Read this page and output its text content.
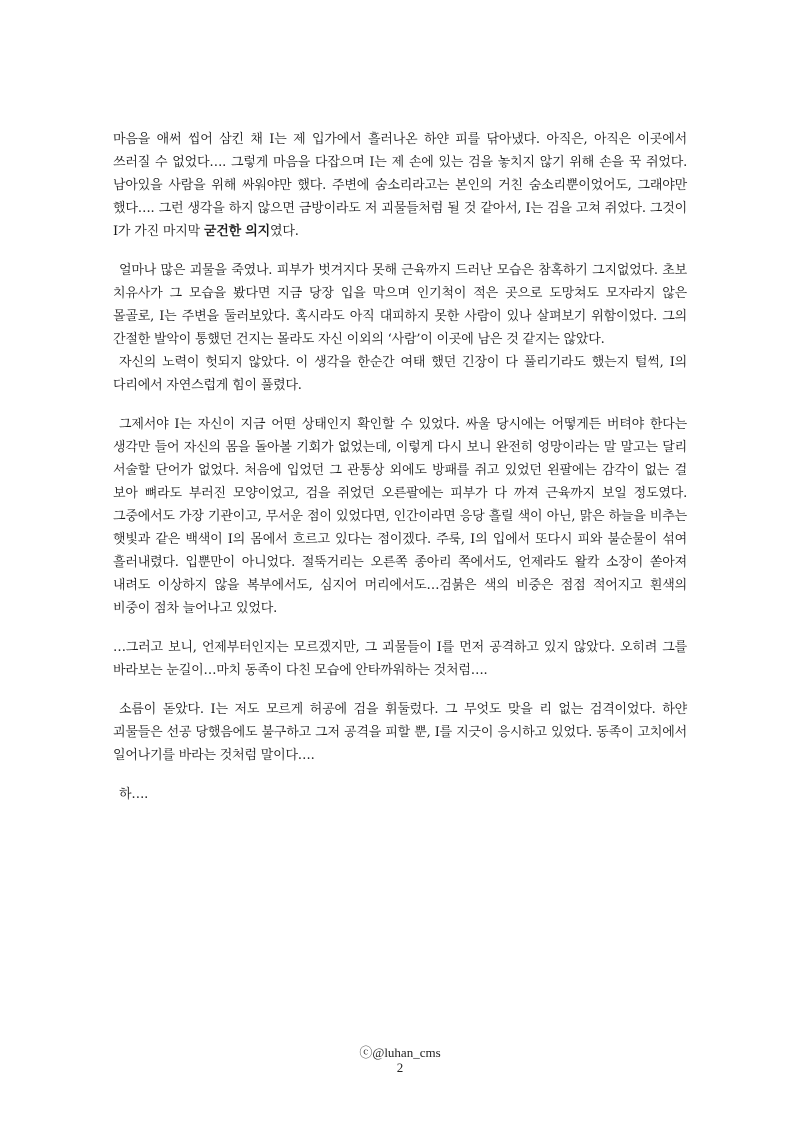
마음을 애써 씹어 삼킨 채 I는 제 입가에서 흘러나온 하얀 피를 닦아냈다. 아직은, 아직은 이곳에서 쓰러질 수 없었다…. 그렇게 마음을 다잡으며 I는 제 손에 있는 검을 놓치지 않기 위해 손을 꾹 쥐었다. 남아있을 사람을 위해 싸워야만 했다. 주변에 숨소리라고는 본인의 거친 숨소리뿐이었어도, 그래야만 했다…. 그런 생각을 하지 않으면 금방이라도 저 괴물들처럼 될 것 같아서, I는 검을 고쳐 쥐었다. 그것이 I가 가진 마지막 굳건한 의지였다.

얼마나 많은 괴물을 죽였나. 피부가 벗겨지다 못해 근육까지 드러난 모습은 참혹하기 그지없었다. 초보 치유사가 그 모습을 봤다면 지금 당장 입을 막으며 인기척이 적은 곳으로 도망쳐도 모자라지 않은 몰골로, I는 주변을 둘러보았다. 혹시라도 아직 대피하지 못한 사람이 있나 살펴보기 위함이었다. 그의 간절한 발악이 통했던 건지는 몰라도 자신 이외의 ‘사람’이 이곳에 남은 것 같지는 않았다.

자신의 노력이 헛되지 않았다. 이 생각을 한순간 여태 했던 긴장이 다 풀리기라도 했는지 털썩, I의 다리에서 자연스럽게 힘이 풀렸다.

그제서야 I는 자신이 지금 어떤 상태인지 확인할 수 있었다. 싸울 당시에는 어떻게든 버텨야 한다는 생각만 들어 자신의 몸을 돌아볼 기회가 없었는데, 이렇게 다시 보니 완전히 엉망이라는 말 말고는 달리 서술할 단어가 없었다. 처음에 입었던 그 관통상 외에도 방패를 쥐고 있었던 왼팔에는 감각이 없는 걸 보아 뼈라도 부러진 모양이었고, 검을 쥐었던 오른팔에는 피부가 다 까져 근육까지 보일 정도였다. 그중에서도 가장 기관이고, 무서운 점이 있었다면, 인간이라면 응당 흘릴 색이 아닌, 맑은 하늘을 비추는 햇빛과 같은 백색이 I의 몸에서 흐르고 있다는 점이겠다. 주룩, I의 입에서 또다시 피와 불순물이 섞여 흘러내렸다. 입뿐만이 아니었다. 절뚝거리는 오른쪽 종아리 쪽에서도, 언제라도 왈칵 소장이 쏟아져 내려도 이상하지 않을 복부에서도, 심지어 머리에서도…검붉은 색의 비중은 점점 적어지고 흰색의 비중이 점차 늘어나고 있었다.

…그러고 보니, 언제부터인지는 모르겠지만, 그 괴물들이 I를 먼저 공격하고 있지 않았다. 오히려 그를 바라보는 눈길이…마치 동족이 다친 모습에 안타까워하는 것처럼….

소름이 돋았다. I는 저도 모르게 허공에 검을 휘둘렀다. 그 무엇도 맞을 리 없는 검격이었다. 하얀 괴물들은 선공 당했음에도 불구하고 그저 공격을 피할 뿐, I를 지긋이 응시하고 있었다. 동족이 고치에서 일어나기를 바라는 것처럼 말이다….

하….

ⓒ@luhan_cms
2
